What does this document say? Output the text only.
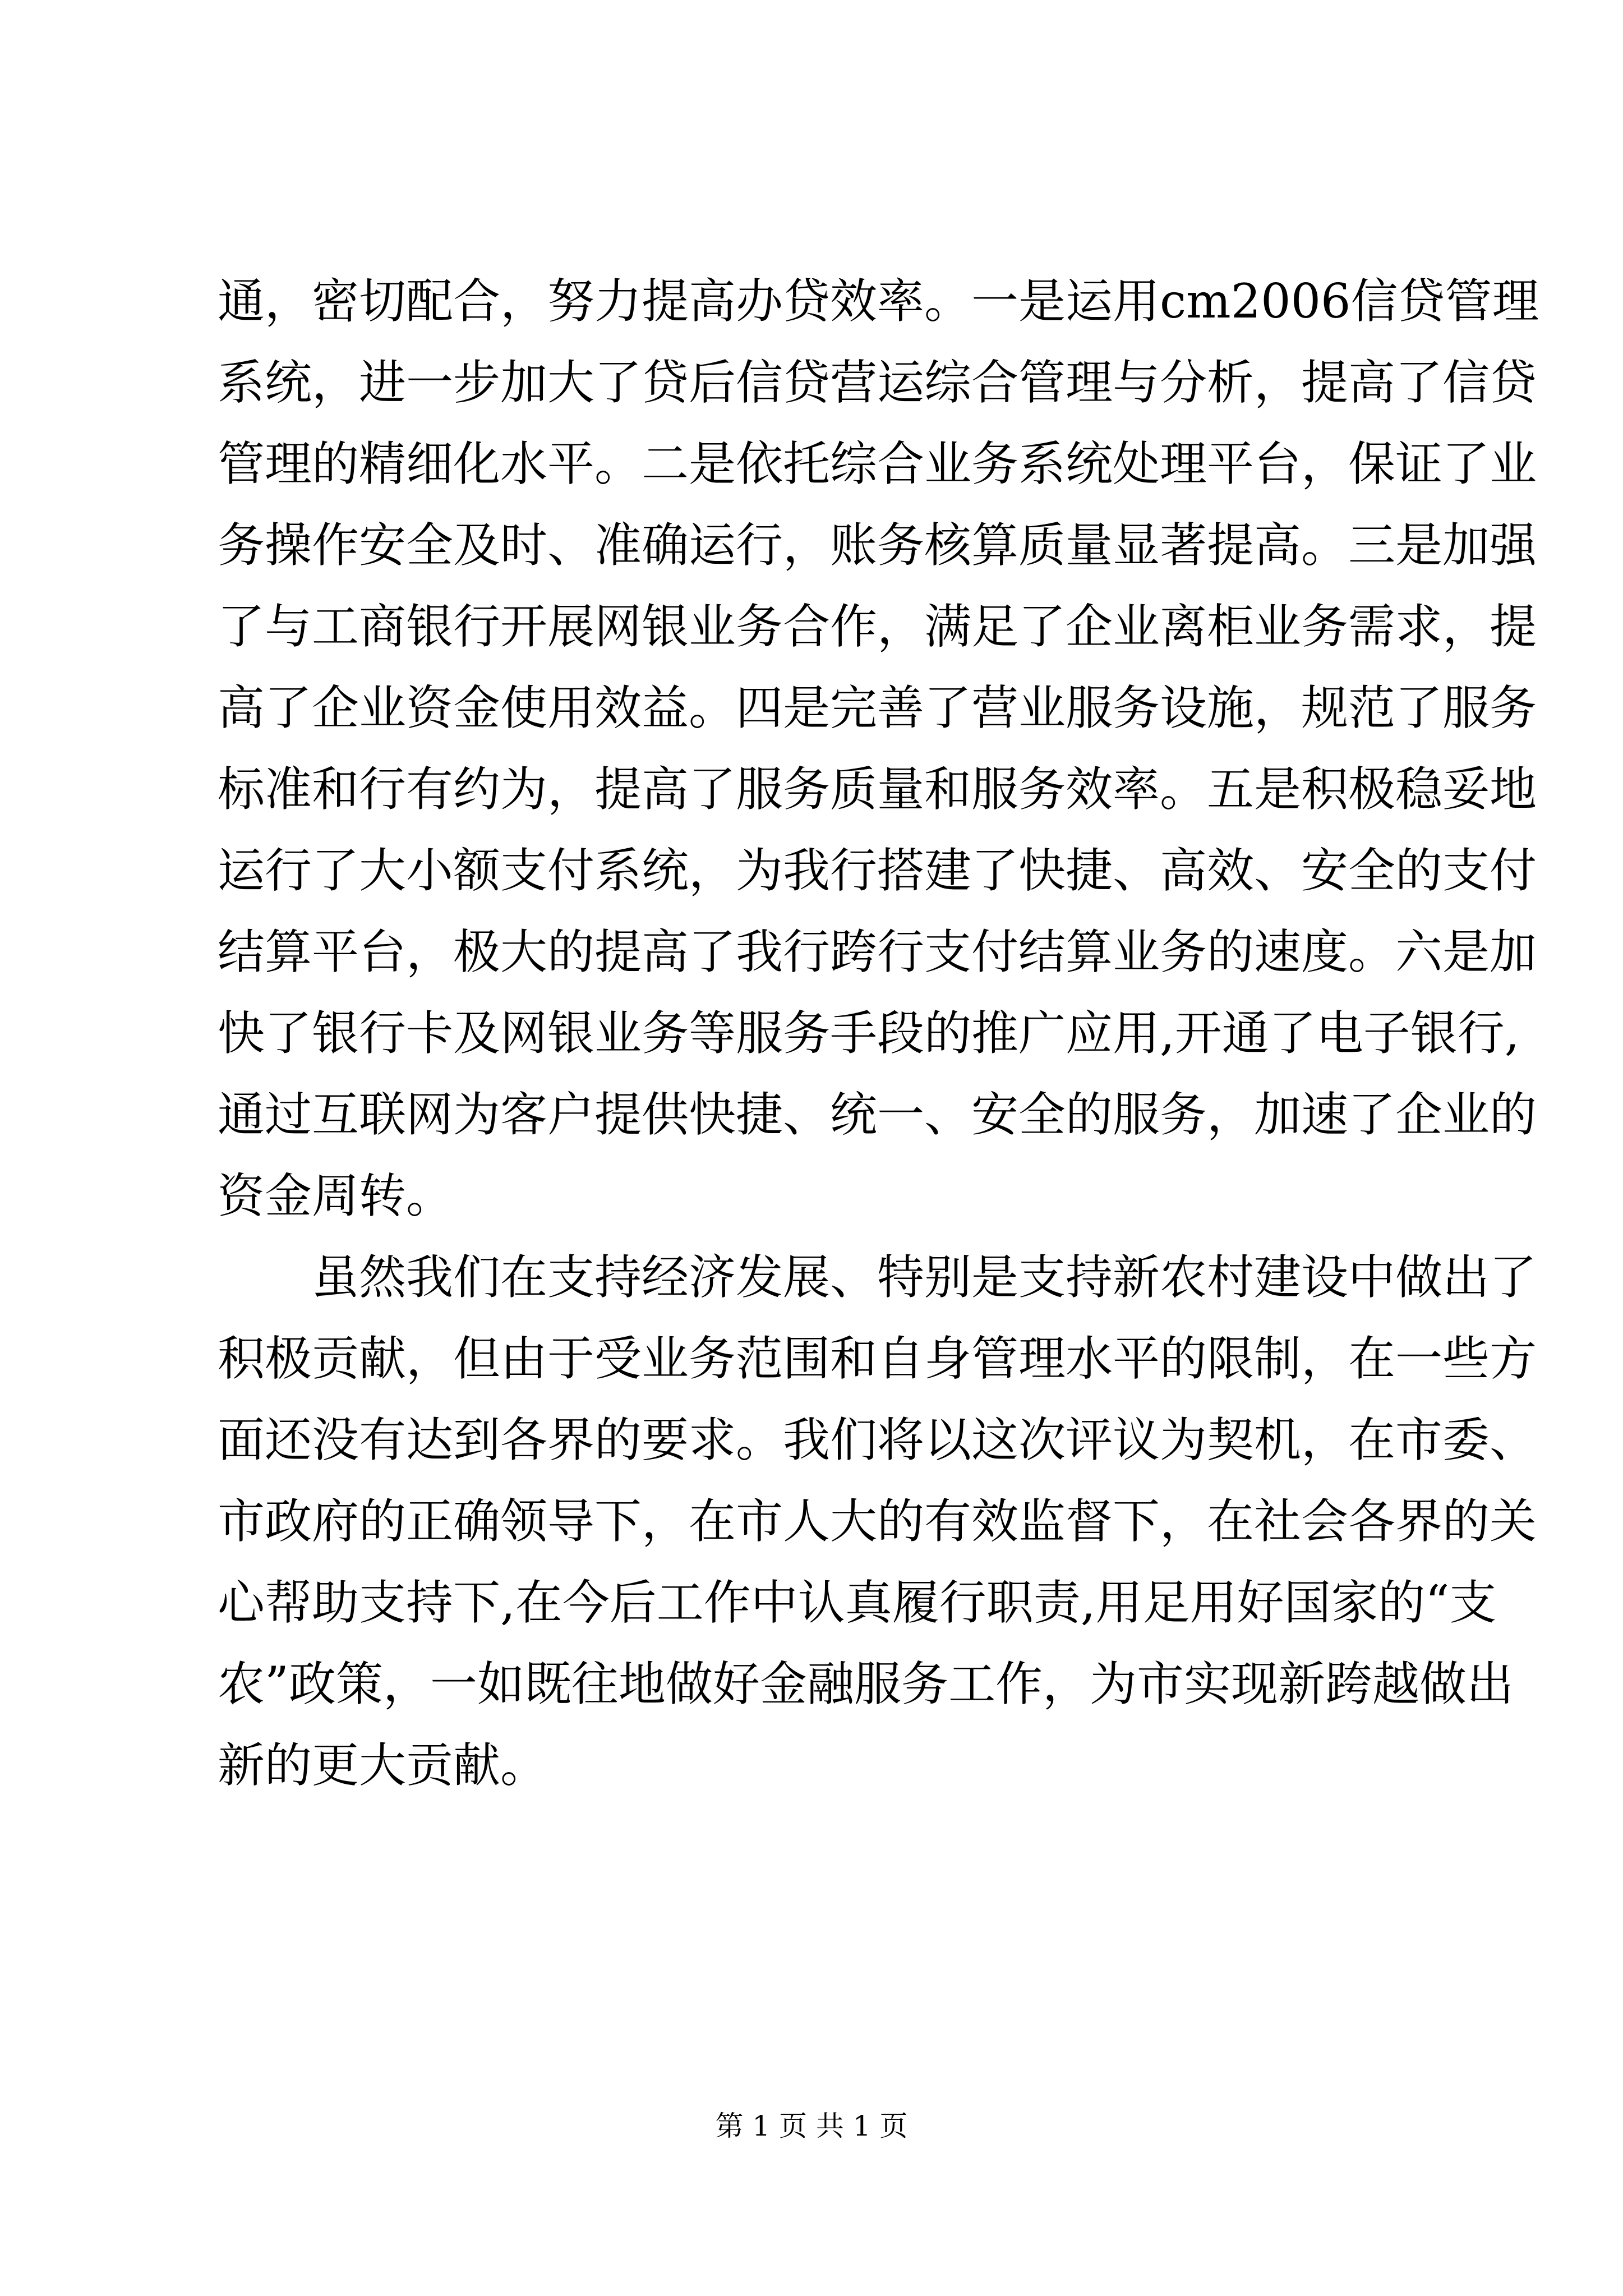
通，密切配合，努力提高办贷效率。一是运用cm2006信贷管理
系统，进一步加大了贷后信贷营运综合管理与分析，提高了信贷
管理的精细化水平。二是依托综合业务系统处理平台，保证了业
务操作安全及时、准确运行，账务核算质量显著提高。三是加强
了与工商银行开展网银业务合作，满足了企业离柜业务需求，提
高了企业资金使用效益。四是完善了营业服务设施，规范了服务
标准和行有约为，提高了服务质量和服务效率。五是积极稳妥地
运行了大小额支付系统，为我行搭建了快捷、高效、安全的支付
结算平台，极大的提高了我行跨行支付结算业务的速度。六是加
快了银行卡及网银业务等服务手段的推广应用,开通了电子银行,
通过互联网为客户提供快捷、统一、安全的服务，加速了企业的
资金周转。
虽然我们在支持经济发展、特别是支持新农村建设中做出了
积极贡献，但由于受业务范围和自身管理水平的限制，在一些方
面还没有达到各界的要求。我们将以这次评议为契机，在市委、
市政府的正确领导下，在市人大的有效监督下，在社会各界的关
心帮助支持下,在今后工作中认真履行职责,用足用好国家的“支
农”政策，一如既往地做好金融服务工作，为市实现新跨越做出
新的更大贡献。
第 1 页 共 1 页
